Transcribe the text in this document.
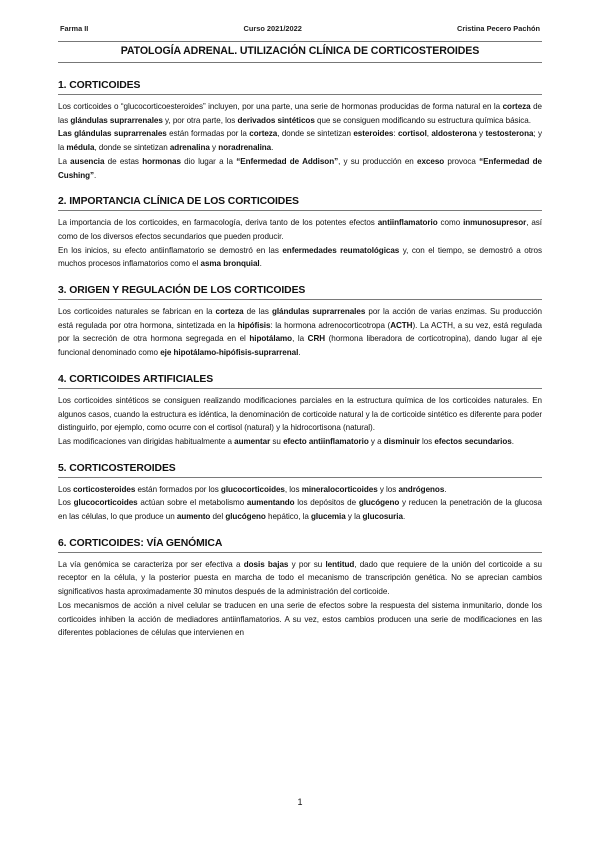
Farma II	Curso 2021/2022	Cristina Pecero Pachón
PATOLOGÍA ADRENAL. UTILIZACIÓN CLÍNICA DE CORTICOSTEROIDES
1. CORTICOIDES

Los corticoides o “glucocorticoesteroides” incluyen, por una parte, una serie de hormonas producidas de forma natural en la corteza de las glándulas suprarrenales y, por otra parte, los derivados sintéticos que se consiguen modificando su estructura química básica.

Las glándulas suprarrenales están formadas por la corteza, donde se sintetizan esteroides: cortisol, aldosterona y testosterona; y la médula, donde se sintetizan adrenalina y noradrenalina.

La ausencia de estas hormonas dio lugar a la “Enfermedad de Addison”, y su producción en exceso provoca “Enfermedad de Cushing”.

2. IMPORTANCIA CLÍNICA DE LOS CORTICOIDES

La importancia de los corticoides, en farmacología, deriva tanto de los potentes efectos antiinflamatorio como inmunosupresor, así como de los diversos efectos secundarios que pueden producir.

En los inicios, su efecto antiinflamatorio se demostró en las enfermedades reumatológicas y, con el tiempo, se demostró a otros muchos procesos inflamatorios como el asma bronquial.

3. ORIGEN Y REGULACIÓN DE LOS CORTICOIDES

Los corticoides naturales se fabrican en la corteza de las glándulas suprarrenales por la acción de varias enzimas. Su producción está regulada por otra hormona, sintetizada en la hipófisis: la hormona adrenocorticotropa (ACTH). La ACTH, a su vez, está regulada por la secreción de otra hormona segregada en el hipotálamo, la CRH (hormona liberadora de corticotropina), dando lugar al eje funcional denominado como eje hipotálamo-hipófisis-suprarrenal.

4. CORTICOIDES ARTIFICIALES

Los corticoides sintéticos se consiguen realizando modificaciones parciales en la estructura química de los corticoides naturales. En algunos casos, cuando la estructura es idéntica, la denominación de corticoide natural y la de corticoide sintético es diferente para poder distinguirlo, por ejemplo, como ocurre con el cortisol (natural) y la hidrocortisona (natural).

Las modificaciones van dirigidas habitualmente a aumentar su efecto antiinflamatorio y a disminuir los efectos secundarios.

5. CORTICOSTEROIDES

Los corticosteroides están formados por los glucocorticoides, los mineralocorticoides y los andrógenos.

Los glucocorticoides actúan sobre el metabolismo aumentando los depósitos de glucógeno y reducen la penetración de la glucosa en las células, lo que produce un aumento del glucógeno hepático, la glucemia y la glucosuria.

6. CORTICOIDES: VÍA GENÓMICA

La vía genómica se caracteriza por ser efectiva a dosis bajas y por su lentitud, dado que requiere de la unión del corticoide a su receptor en la célula, y la posterior puesta en marcha de todo el mecanismo de transcripción genética. No se aprecian cambios significativos hasta aproximadamente 30 minutos después de la administración del corticoide.

Los mecanismos de acción a nivel celular se traducen en una serie de efectos sobre la respuesta del sistema inmunitario, donde los corticoides inhiben la acción de mediadores antiinflamatorios. A su vez, estos cambios producen una serie de modificaciones en las diferentes poblaciones de células que intervienen en

1
